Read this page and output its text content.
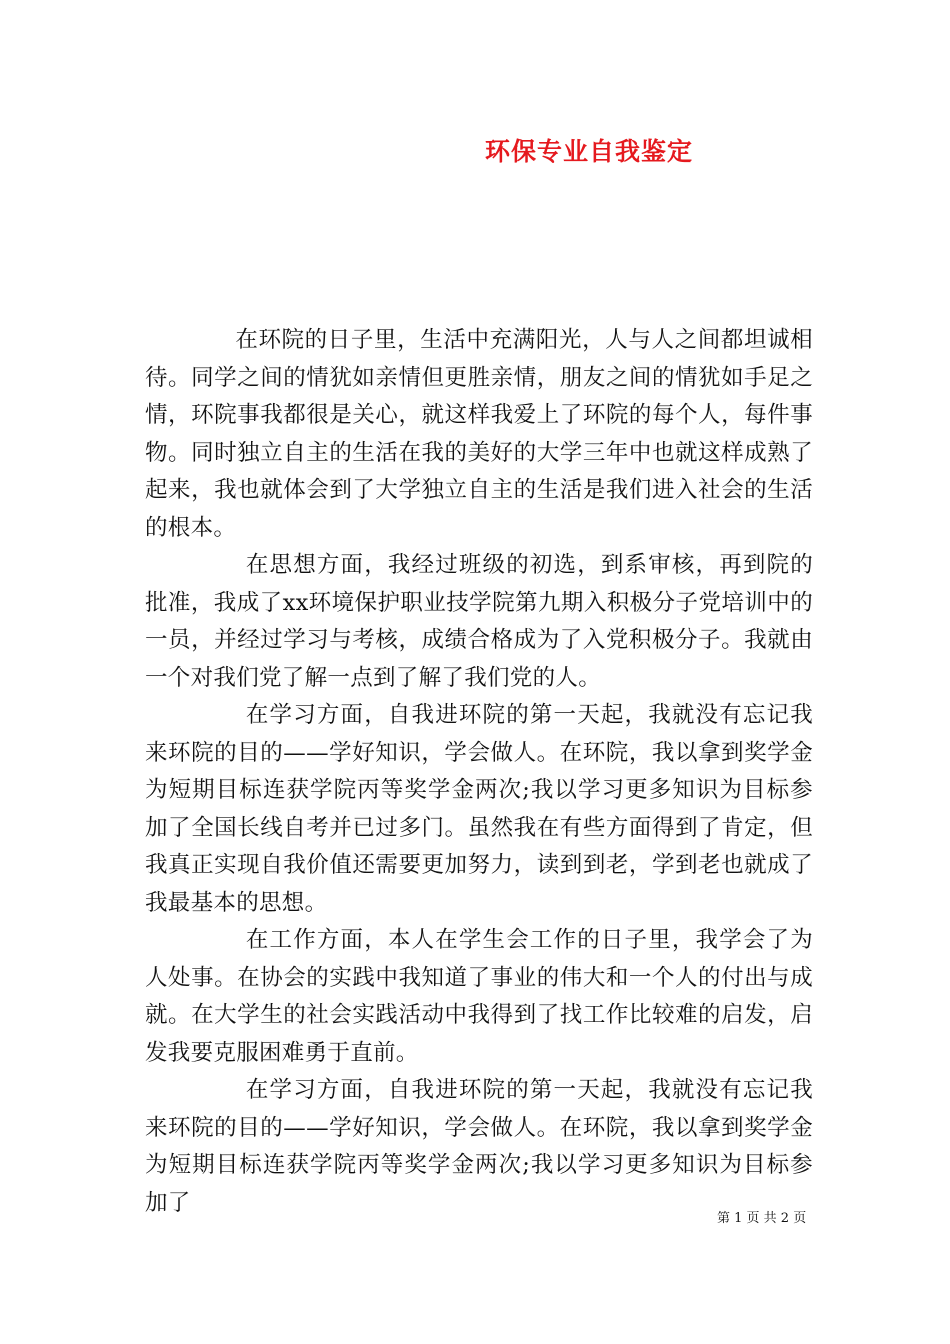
环保专业自我鉴定

在环院的日子里，生活中充满阳光，人与人之间都坦诚相待。同学之间的情犹如亲情但更胜亲情，朋友之间的情犹如手足之情，环院事我都很是关心，就这样我爱上了环院的每个人，每件事物。同时独立自主的生活在我的美好的大学三年中也就这样成熟了起来，我也就体会到了大学独立自主的生活是我们进入社会的生活的根本。

在思想方面，我经过班级的初选，到系审核，再到院的批准，我成了xx环境保护职业技学院第九期入积极分子党培训中的一员，并经过学习与考核，成绩合格成为了入党积极分子。我就由一个对我们党了解一点到了解了我们党的人。

在学习方面，自我进环院的第一天起，我就没有忘记我来环院的目的——学好知识，学会做人。在环院，我以拿到奖学金为短期目标连获学院丙等奖学金两次;我以学习更多知识为目标参加了全国长线自考并已过多门。虽然我在有些方面得到了肯定，但我真正实现自我价值还需要更加努力，读到到老，学到老也就成了我最基本的思想。

在工作方面，本人在学生会工作的日子里，我学会了为人处事。在协会的实践中我知道了事业的伟大和一个人的付出与成就。在大学生的社会实践活动中我得到了找工作比较难的启发，启发我要克服困难勇于直前。

在学习方面，自我进环院的第一天起，我就没有忘记我来环院的目的——学好知识，学会做人。在环院，我以拿到奖学金为短期目标连获学院丙等奖学金两次;我以学习更多知识为目标参加了

第 1 页 共 2 页
